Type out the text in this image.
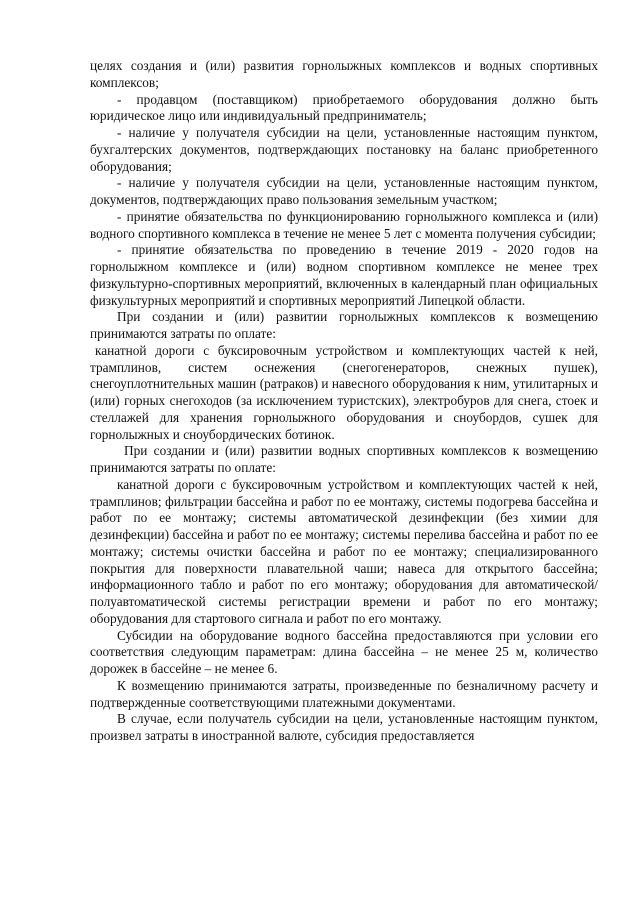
целях создания и (или) развития горнолыжных комплексов и водных спортивных комплексов;

- продавцом (поставщиком) приобретаемого оборудования должно быть юридическое лицо или индивидуальный предприниматель;

- наличие у получателя субсидии на цели, установленные настоящим пунктом, бухгалтерских документов, подтверждающих постановку на баланс приобретенного оборудования;

- наличие у получателя субсидии на цели, установленные настоящим пунктом, документов, подтверждающих право пользования земельным участком;

- принятие обязательства по функционированию горнолыжного комплекса и (или) водного спортивного комплекса в течение не менее 5 лет с момента получения субсидии;

- принятие обязательства по проведению в течение 2019 - 2020 годов на горнолыжном комплексе и (или) водном спортивном комплексе не менее трех физкультурно-спортивных мероприятий, включенных в календарный план официальных физкультурных мероприятий и спортивных мероприятий Липецкой области.

При создании и (или) развитии горнолыжных комплексов к возмещению принимаются затраты по оплате:

канатной дороги с буксировочным устройством и комплектующих частей к ней, трамплинов, систем оснежения (снегогенераторов, снежных пушек), снегоуплотнительных машин (ратраков) и навесного оборудования к ним, утилитарных и (или) горных снегоходов (за исключением туристских), электробуров для снега, стоек и стеллажей для хранения горнолыжного оборудования и сноубордов, сушек для горнолыжных и сноубордических ботинок.

При создании и (или) развитии водных спортивных комплексов к возмещению принимаются затраты по оплате:

канатной дороги с буксировочным устройством и комплектующих частей к ней, трамплинов; фильтрации бассейна и работ по ее монтажу, системы подогрева бассейна и работ по ее монтажу; системы автоматической дезинфекции (без химии для дезинфекции) бассейна и работ по ее монтажу; системы перелива бассейна и работ по ее монтажу; системы очистки бассейна и работ по ее монтажу; специализированного покрытия для поверхности плавательной чаши; навеса для открытого бассейна; информационного табло и работ по его монтажу; оборудования для автоматической/полуавтоматической системы регистрации времени и работ по его монтажу; оборудования для стартового сигнала и работ по его монтажу.

Субсидии на оборудование водного бассейна предоставляются при условии его соответствия следующим параметрам: длина бассейна – не менее 25 м, количество дорожек в бассейне – не менее 6.

К возмещению принимаются затраты, произведенные по безналичному расчету и подтвержденные соответствующими платежными документами.

В случае, если получатель субсидии на цели, установленные настоящим пунктом, произвел затраты в иностранной валюте, субсидия предоставляется
